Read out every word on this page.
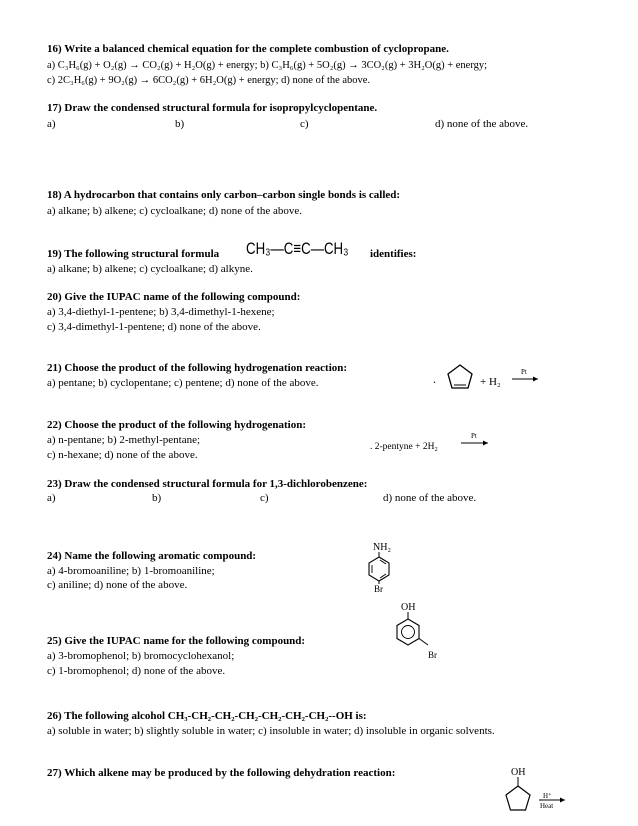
16) Write a balanced chemical equation for the complete combustion of cyclopropane.
a) C₃H₆(g) + O₂(g) → CO₂(g) + H₂O(g) + energy; b) C₃H₆(g) + 5O₂(g) → 3CO₂(g) + 3H₂O(g) + energy;
c) 2C₃H₆(g) + 9O₂(g) → 6CO₂(g) + 6H₂O(g) + energy; d) none of the above.
17) Draw the condensed structural formula for isopropylcyclopentane.
a)	b)	c)	d) none of the above.
18) A hydrocarbon that contains only carbon–carbon single bonds is called:
a) alkane; b) alkene; c) cycloalkane; d) none of the above.
19) The following structural formula CH₃—C≡C—CH₃ identifies:
a) alkane; b) alkene; c) cycloalkane; d) alkyne.
20) Give the IUPAC name of the following compound:
a) 3,4-diethyl-1-pentene; b) 3,4-dimethyl-1-hexene;
c) 3,4-dimethyl-1-pentene; d) none of the above.
21) Choose the product of the following hydrogenation reaction:
a) pentane; b) cyclopentane; c) pentene; d) none of the above.	.	+ H₂
Pt
22) Choose the product of the following hydrogenation:
a) n-pentane; b) 2-methyl-pentane;
c) n-hexane; d) none of the above.
. 2-pentyne + 2H₂
Pt
23) Draw the condensed structural formula for 1,3-dichlorobenzene:
a)	b)	c)	d) none of the above.
24) Name the following aromatic compound:
a) 4-bromoaniline; b) 1-bromoaniline;
c) aniline; d) none of the above.
NH₂
Br
25) Give the IUPAC name for the following compound:
a) 3-bromophenol; b) bromocyclohexanol;
c) 1-bromophenol; d) none of the above.
OH
Br
26) The following alcohol CH₃-CH₂-CH₂-CH₂-CH₂-CH₂-CH₂--OH is:
a) soluble in water; b) slightly soluble in water; c) insoluble in water; d) insoluble in organic solvents.
27) Which alkene may be produced by the following dehydration reaction:	OH
H⁺
Heat
